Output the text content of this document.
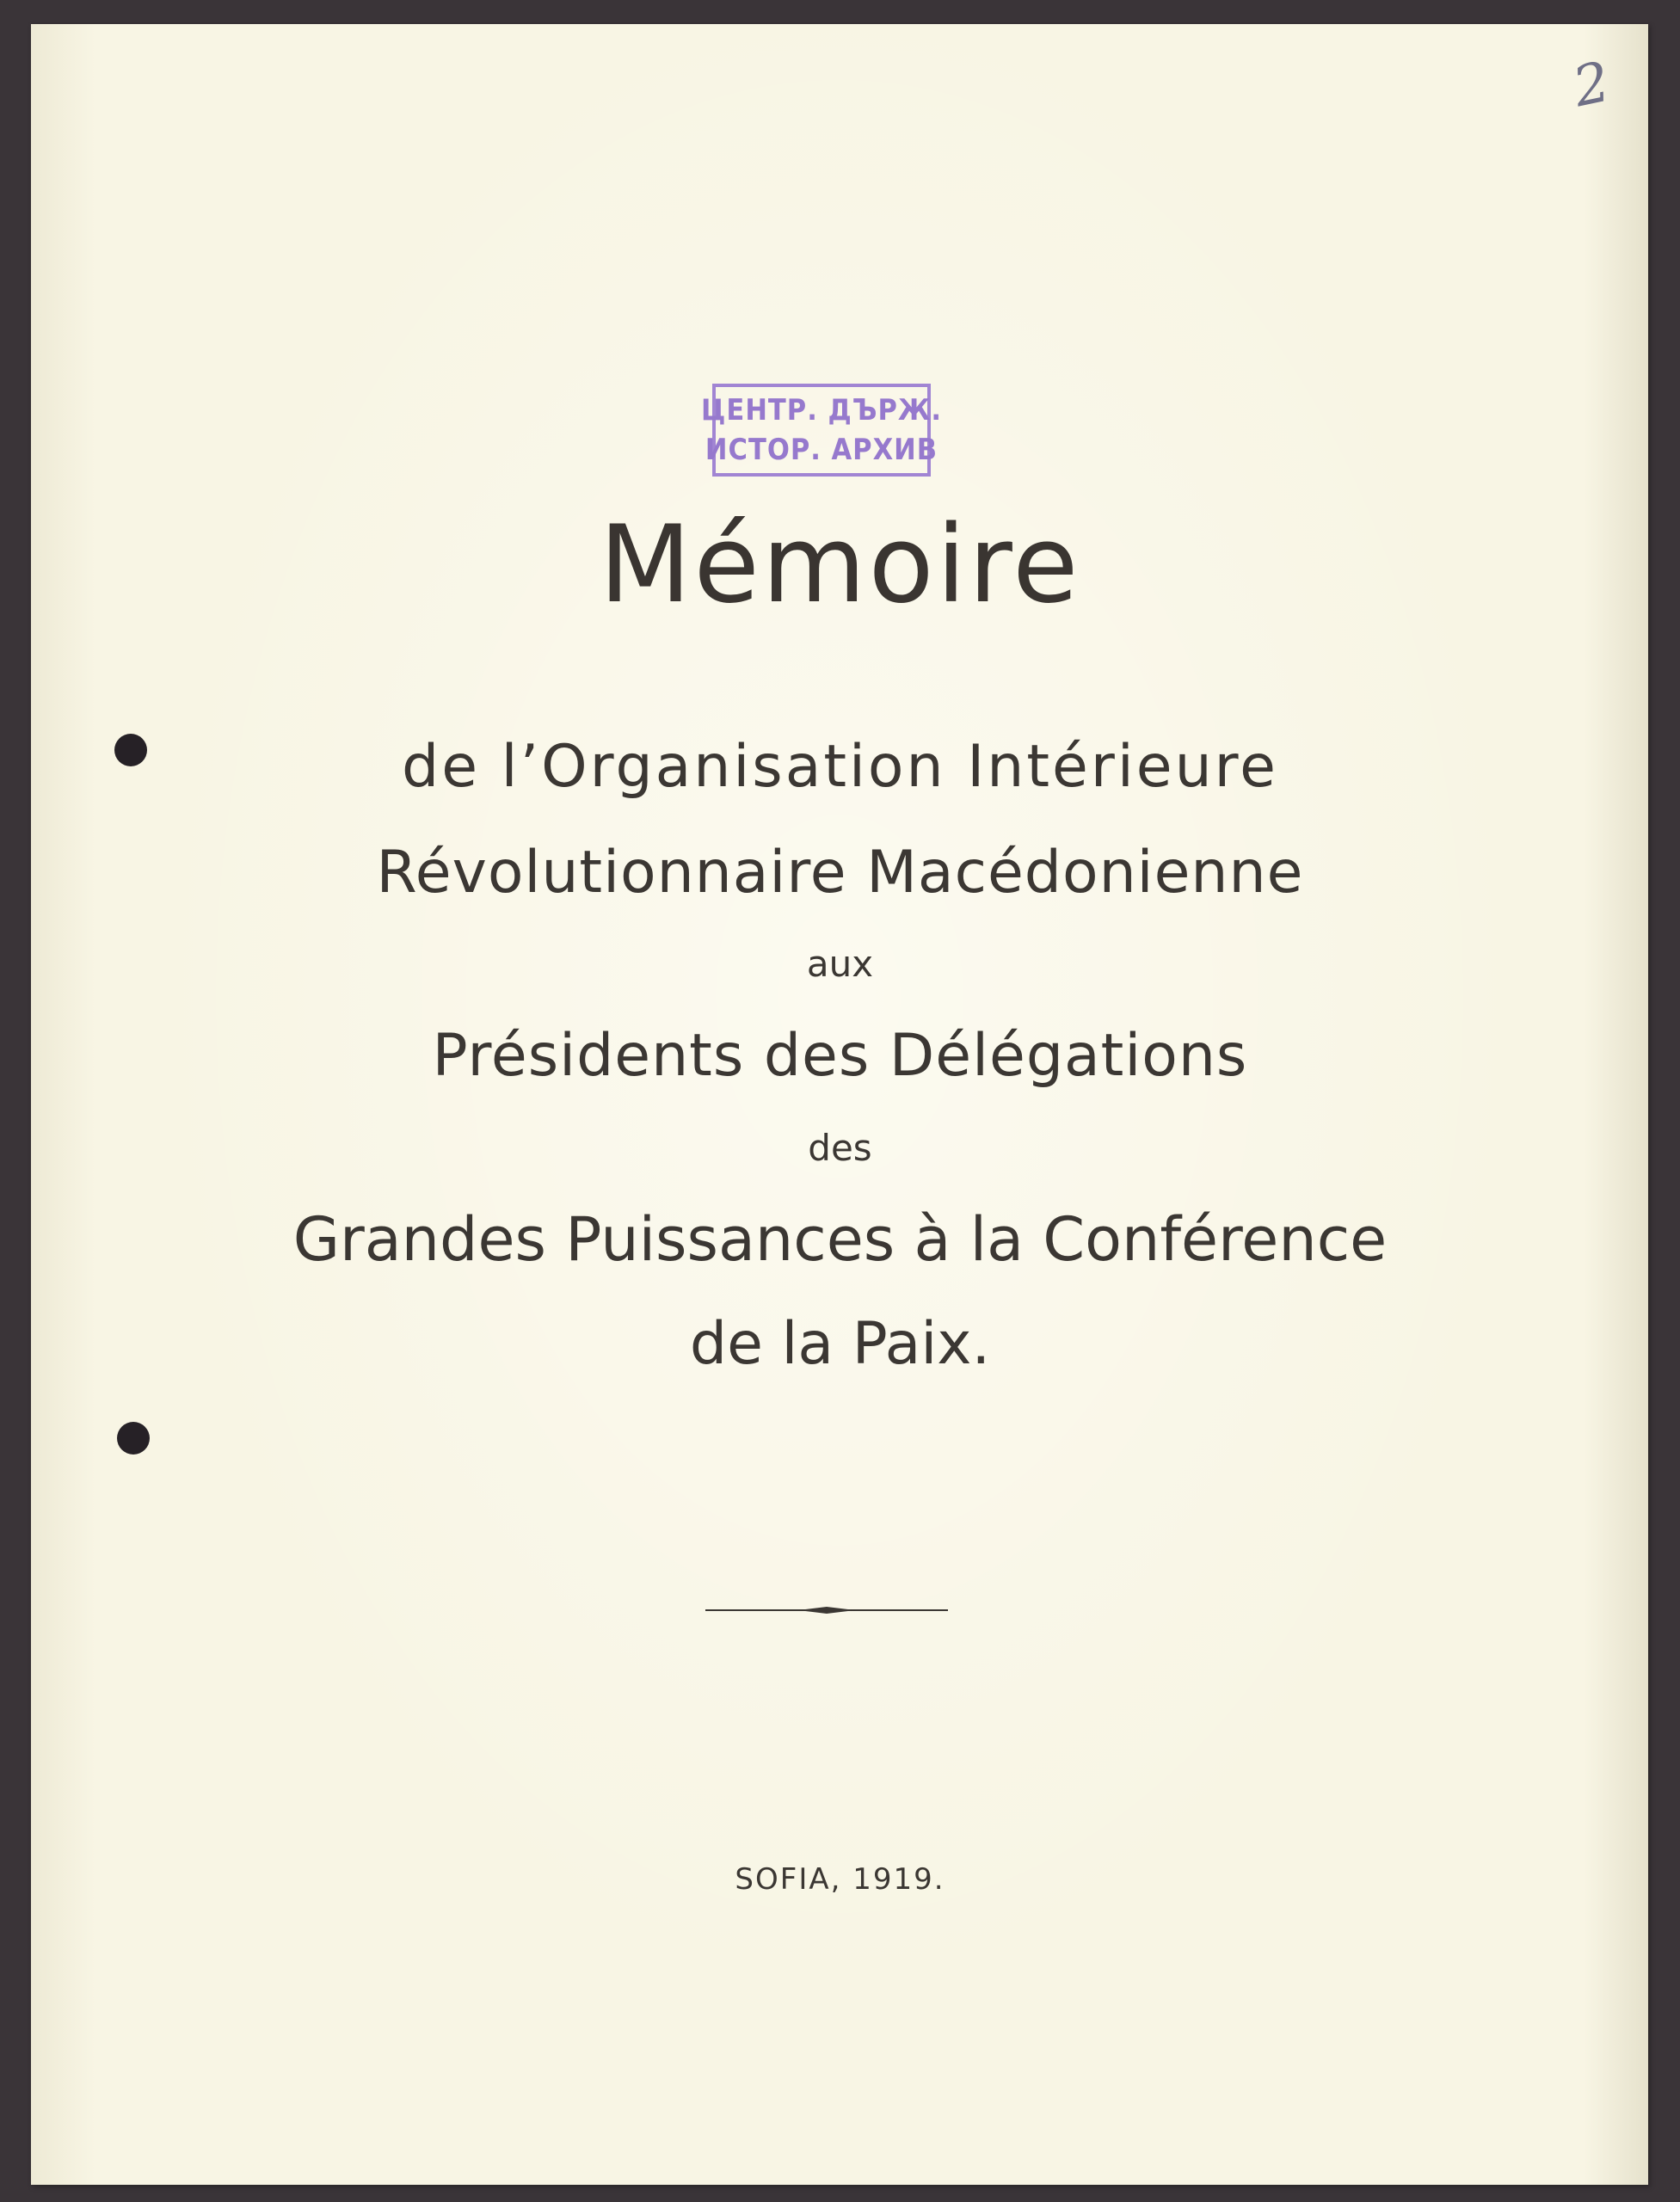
2
ЦЕНТР. ДЪРЖ.
ИСТОР. АРХИВ
Mémoire
de l’Organisation Intérieure
Révolutionnaire Macédonienne
aux
Présidents des Délégations
des
Grandes Puissances à la Conférence
de la Paix.
SOFIA, 1919.
